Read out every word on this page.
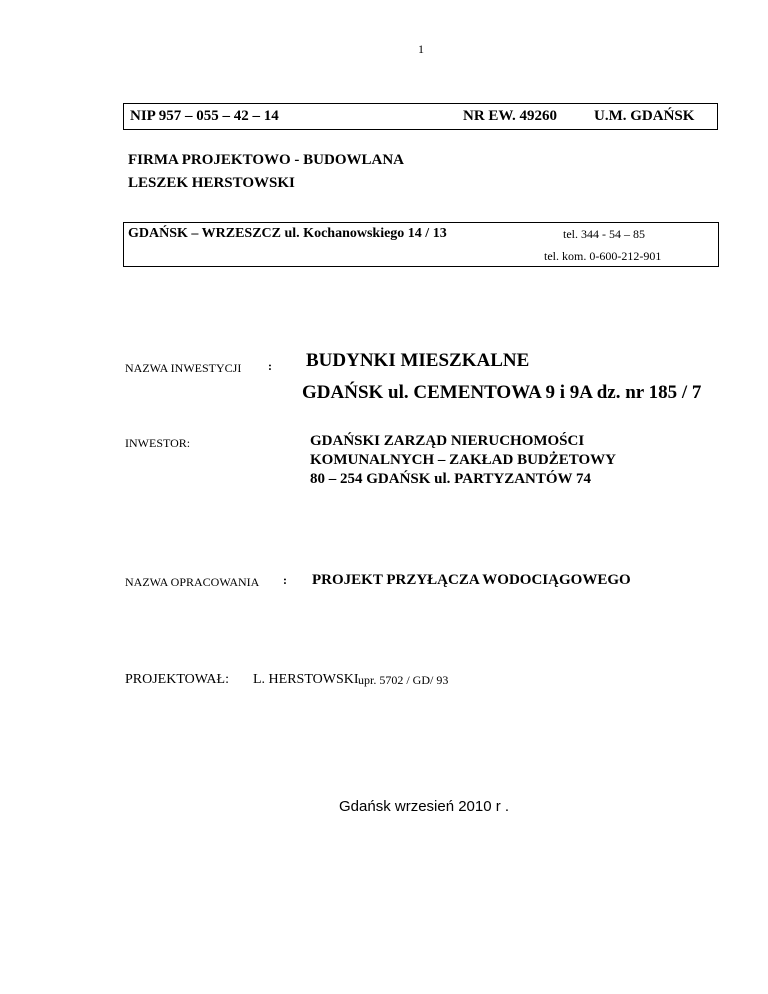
1
NIP 957 – 055 – 42 – 14	NR EW. 49260 U.M. GDAŃSK
FIRMA PROJEKTOWO - BUDOWLANA
LESZEK HERSTOWSKI
GDAŃSK – WRZESZCZ ul. Kochanowskiego 14 / 13	tel. 344 - 54 – 85
tel. kom. 0-600-212-901
NAZWA INWESTYCJI : BUDYNKI MIESZKALNE
GDAŃSK ul. CEMENTOWA 9 i 9A dz. nr 185 / 7
INWESTOR:	GDAŃSKI ZARZĄD NIERUCHOMOŚCI
KOMUNALNYCH – ZAKŁAD BUDŻETOWY
80 – 254 GDAŃSK ul. PARTYZANTÓW 74
NAZWA OPRACOWANIA : PROJEKT PRZYŁĄCZA WODOCIĄGOWEGO
PROJEKTOWAŁ: L. HERSTOWSKI upr. 5702 / GD/ 93
Gdańsk wrzesień 2010 r .
